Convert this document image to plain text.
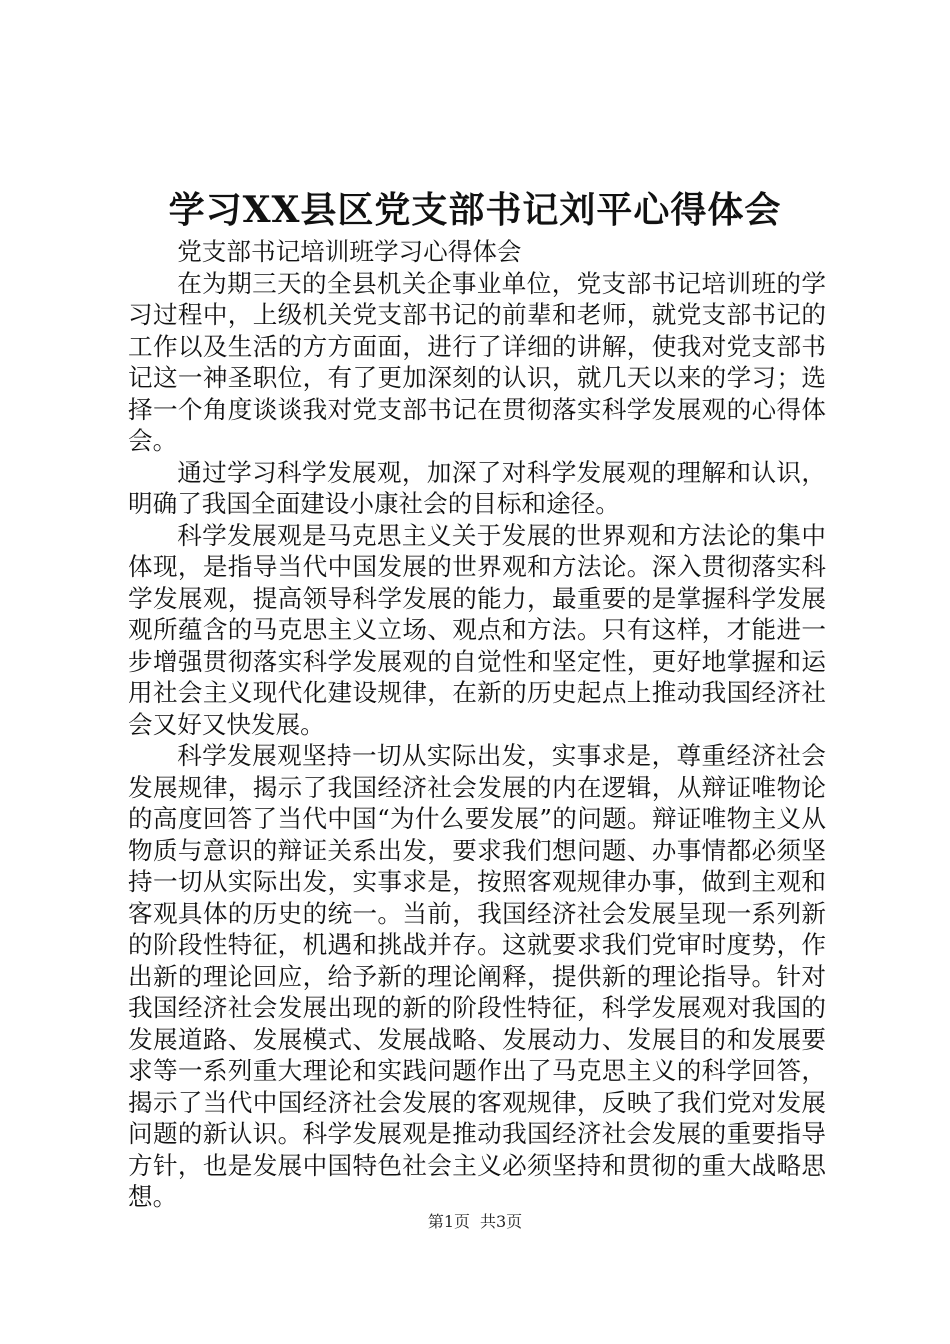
学习XX县区党支部书记刘平心得体会

党支部书记培训班学习心得体会

在为期三天的全县机关企事业单位，党支部书记培训班的学习过程中，上级机关党支部书记的前辈和老师，就党支部书记的工作以及生活的方方面面，进行了详细的讲解，使我对党支部书记这一神圣职位，有了更加深刻的认识，就几天以来的学习；选择一个角度谈谈我对党支部书记在贯彻落实科学发展观的心得体会。

通过学习科学发展观，加深了对科学发展观的理解和认识，明确了我国全面建设小康社会的目标和途径。

科学发展观是马克思主义关于发展的世界观和方法论的集中体现，是指导当代中国发展的世界观和方法论。深入贯彻落实科学发展观，提高领导科学发展的能力，最重要的是掌握科学发展观所蕴含的马克思主义立场、观点和方法。只有这样，才能进一步增强贯彻落实科学发展观的自觉性和坚定性，更好地掌握和运用社会主义现代化建设规律，在新的历史起点上推动我国经济社会又好又快发展。

科学发展观坚持一切从实际出发，实事求是，尊重经济社会发展规律，揭示了我国经济社会发展的内在逻辑，从辩证唯物论的高度回答了当代中国“为什么要发展”的问题。辩证唯物主义从物质与意识的辩证关系出发，要求我们想问题、办事情都必须坚持一切从实际出发，实事求是，按照客观规律办事，做到主观和客观具体的历史的统一。当前，我国经济社会发展呈现一系列新的阶段性特征，机遇和挑战并存。这就要求我们党审时度势，作出新的理论回应，给予新的理论阐释，提供新的理论指导。针对我国经济社会发展出现的新的阶段性特征，科学发展观对我国的发展道路、发展模式、发展战略、发展动力、发展目的和发展要求等一系列重大理论和实践问题作出了马克思主义的科学回答，揭示了当代中国经济社会发展的客观规律，反映了我们党对发展问题的新认识。科学发展观是推动我国经济社会发展的重要指导方针，也是发展中国特色社会主义必须坚持和贯彻的重大战略思想。

第1页 共3页
